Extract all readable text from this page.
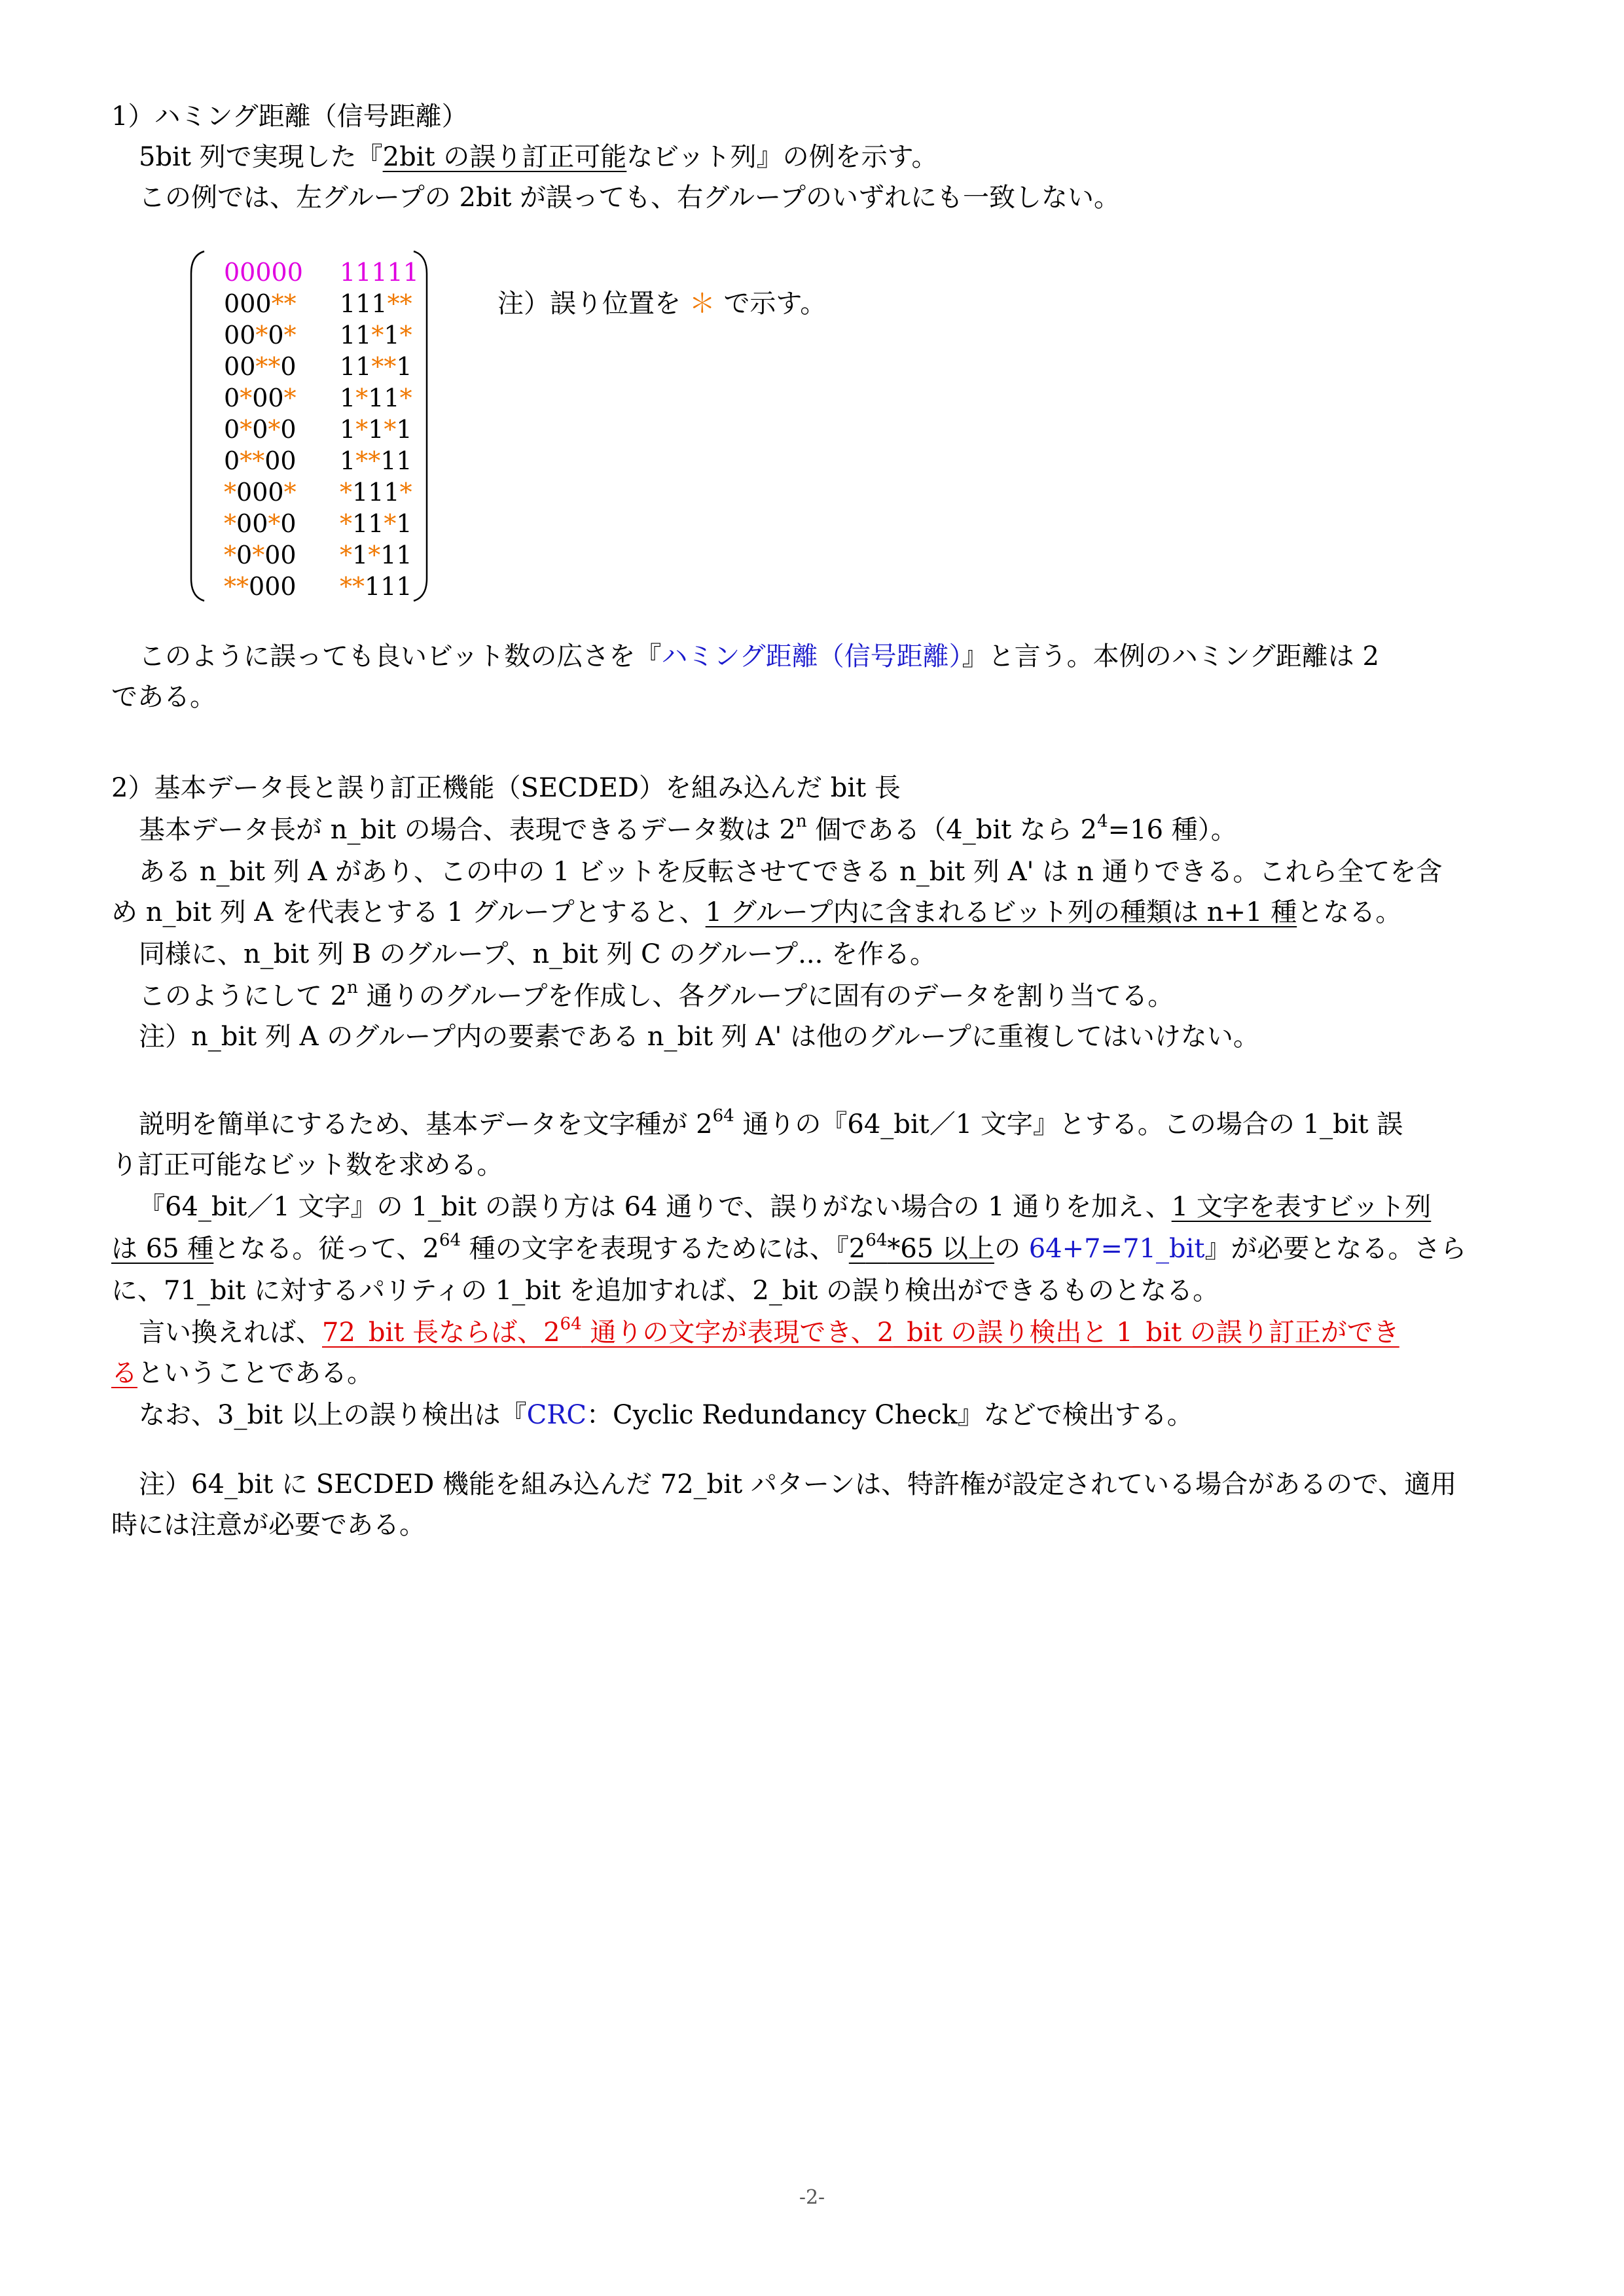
1）ハミング距離（信号距離）
5bit 列で実現した『2bit の誤り訂正可能なビット列』の例を示す。
この例では、左グループの 2bit が誤っても、右グループのいずれにも一致しない。
00000
000**
00*0*
00**0
0*00*
0*0*0
0**00
*000*
*00*0
*0*00
**000
11111
111**
11*1*
11**1
1*11*
1*1*1
1**11
*111*
*11*1
*1*11
**111
注）誤り位置を ＊ で示す。
このように誤っても良いビット数の広さを『ハミング距離（信号距離）』と言う。本例のハミング距離は 2
である。
2）基本データ長と誤り訂正機能（SECDED）を組み込んだ bit 長
基本データ長が n_bit の場合、表現できるデータ数は 2$^n$ 個である（4_bit なら $2^4=16$ 種）。
ある n_bit 列 A があり、この中の 1 ビットを反転させてできる n_bit 列 A' は n 通りできる。これら全てを含
め n_bit 列 A を代表とする 1 グループとすると、1 グループ内に含まれるビット列の種類は n+1 種となる。
同様に、n_bit 列 B のグループ、n_bit 列 C のグループ... を作る。
このようにして 2$^n$ 通りのグループを作成し、各グループに固有のデータを割り当てる。
注）n_bit 列 A のグループ内の要素である n_bit 列 A' は他のグループに重複してはいけない。
説明を簡単にするため、基本データを文字種が $2^{64}$ 通りの『64_bit／1 文字』とする。この場合の 1_bit 誤
り訂正可能なビット数を求める。
『64_bit／1 文字』の 1_bit の誤り方は 64 通りで、誤りがない場合の 1 通りを加え、1 文字を表すビット列
は 65 種となる。従って、$2^{64}$ 種の文字を表現するためには、『$2^{64}*65$ 以上の 64+7=71_bit』が必要となる。さら
に、71_bit に対するパリティの 1_bit を追加すれば、2_bit の誤り検出ができるものとなる。
言い換えれば、72_bit 長ならば、$2^{64}$ 通りの文字が表現でき、2_bit の誤り検出と 1_bit の誤り訂正ができ
るということである。
なお、3_bit 以上の誤り検出は『CRC：Cyclic Redundancy Check』などで検出する。
注）64_bit に SECDED 機能を組み込んだ 72_bit パターンは、特許権が設定されている場合があるので、適用
時には注意が必要である。
-2-
